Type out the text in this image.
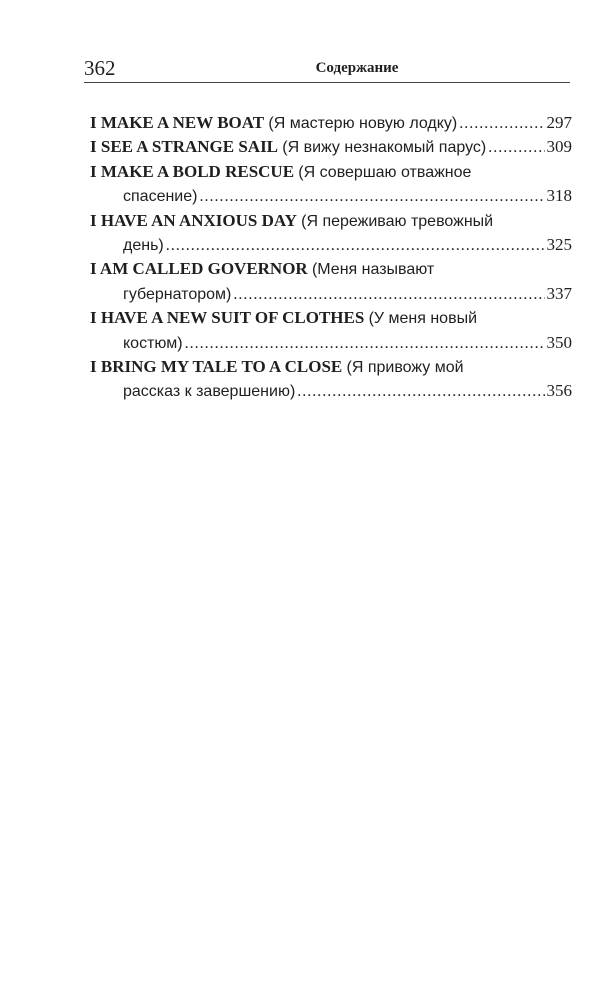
362	Содержание
I MAKE A NEW BOAT
(Я мастерю новую лодку) .....	297
I SEE A STRANGE SAIL
(Я вижу незнакомый парус) .....	309
I MAKE A BOLD RESCUE
(Я совершаю отважное
спасение) .....	318
I HAVE AN ANXIOUS DAY
(Я переживаю тревожный
день) .....	325
I AM CALLED GOVERNOR
(Меня называют
губернатором) .....	337
I HAVE A NEW SUIT OF CLOTHES
(У меня новый
костюм) .....	350
I BRING MY TALE TO A CLOSE
(Я привожу мой
рассказ к завершению) .....	356
